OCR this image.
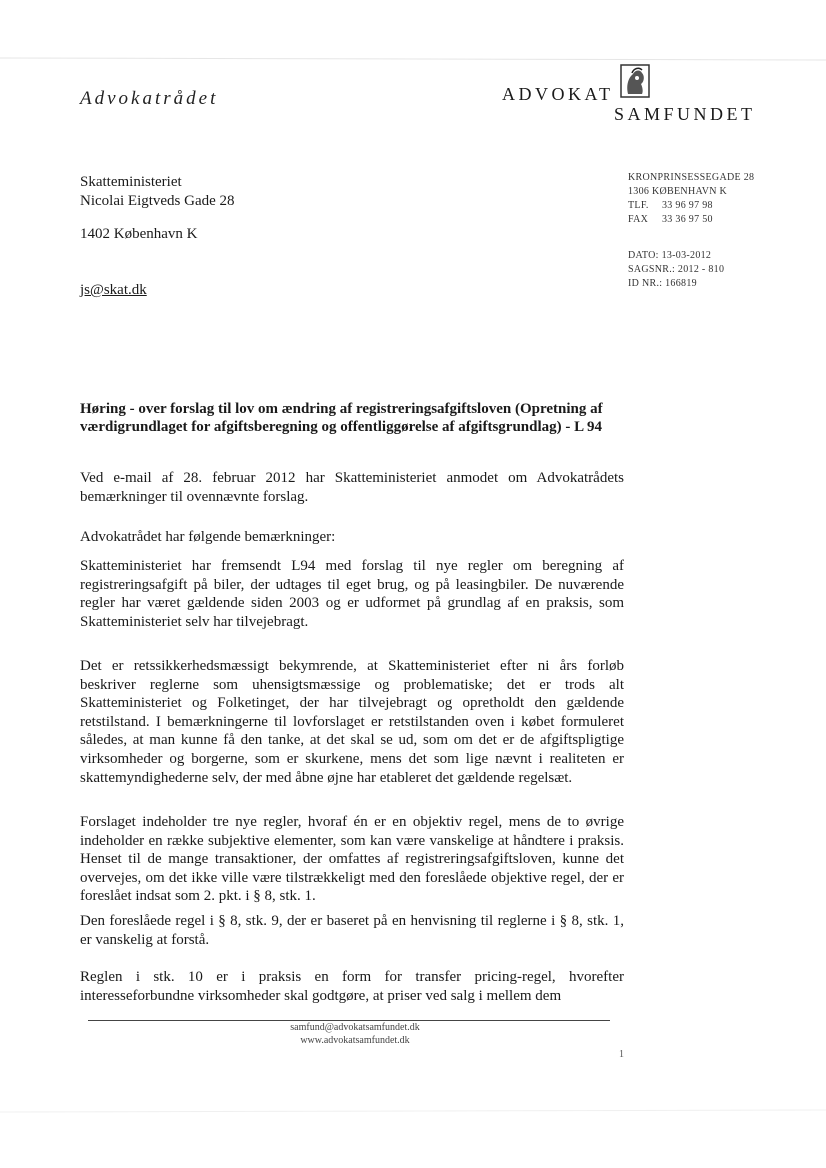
Advokatrådet	ADVOKAT
SAMFUNDET
Skatteministeriet
Nicolai Eigtveds Gade 28
1402 København K
js@skat.dk
KRONPRINSESSEGADE 28
1306 KØBENHAVN K
TLF. 33 96 97 98
FAX 33 36 97 50
DATO: 13-03-2012
SAGSNR.: 2012 - 810
ID NR.: 166819
Høring - over forslag til lov om ændring af registreringsafgiftsloven (Opretning af værdigrundlaget for afgiftsberegning og offentliggørelse af afgiftsgrundlag) - L 94
Ved e-mail af 28. februar 2012 har Skatteministeriet anmodet om Advokatrådets bemærkninger til ovennævnte forslag.
Advokatrådet har følgende bemærkninger:
Skatteministeriet har fremsendt L94 med forslag til nye regler om beregning af registreringsafgift på biler, der udtages til eget brug, og på leasingbiler. De nuværende regler har været gældende siden 2003 og er udformet på grundlag af en praksis, som Skatteministeriet selv har tilvejebragt.
Det er retssikkerhedsmæssigt bekymrende, at Skatteministeriet efter ni års forløb beskriver reglerne som uhensigtsmæssige og problematiske; det er trods alt Skatteministeriet og Folketinget, der har tilvejebragt og opretholdt den gældende retstilstand. I bemærkningerne til lovforslaget er retstilstanden oven i købet formuleret således, at man kunne få den tanke, at det skal se ud, som om det er de afgiftspligtige virksomheder og borgerne, som er skurkene, mens det som lige nævnt i realiteten er skattemyndighederne selv, der med åbne øjne har etableret det gældende regelsæt.
Forslaget indeholder tre nye regler, hvoraf én er en objektiv regel, mens de to øvrige indeholder en række subjektive elementer, som kan være vanskelige at håndtere i praksis. Henset til de mange transaktioner, der omfattes af registreringsafgiftsloven, kunne det overvejes, om det ikke ville være tilstrækkeligt med den foreslåede objektive regel, der er foreslået indsat som 2. pkt. i § 8, stk. 1.
Den foreslåede regel i § 8, stk. 9, der er baseret på en henvisning til reglerne i § 8, stk. 1, er vanskelig at forstå.
Reglen i stk. 10 er i praksis en form for transfer pricing-regel, hvorefter interesseforbundne virksomheder skal godtgøre, at priser ved salg i mellem dem
samfund@advokatsamfundet.dk
www.advokatsamfundet.dk
1
